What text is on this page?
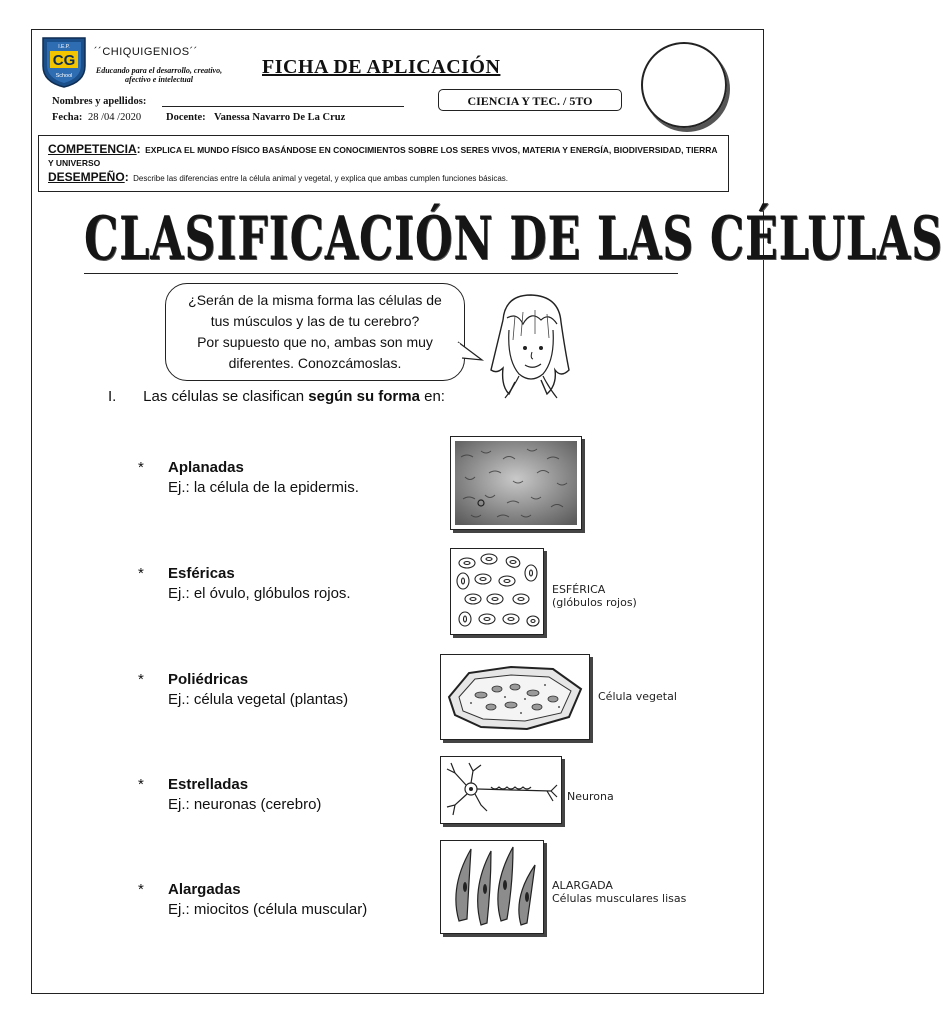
I.E.P.
CG
School
´´CHIQUIGENIOS´´
Educando para el desarrollo, creativo, afectivo e intelectual
FICHA DE APLICACIÓN
CIENCIA Y TEC. / 5TO
Nombres y apellidos:
Fecha: 28 /04 /2020 Docente: Vanessa Navarro De La Cruz
COMPETENCIA: EXPLICA EL MUNDO FÍSICO BASÁNDOSE EN CONOCIMIENTOS SOBRE LOS SERES VIVOS, MATERIA Y ENERGÍA, BIODIVERSIDAD, TIERRA Y UNIVERSO
DESEMPEÑO: Describe las diferencias entre la célula animal y vegetal, y explica que ambas cumplen funciones básicas.
CLASIFICACIÓN DE LAS CÉLULAS
¿Serán de la misma forma las células de
tus músculos y las de tu cerebro?
Por supuesto que no, ambas son muy
diferentes. Conozcámoslas.
I. Las células se clasifican según su forma en:
* Aplanadas
Ej.: la célula de la epidermis.
* Esféricas
Ej.: el óvulo, glóbulos rojos.	ESFÉRICA
(glóbulos rojos)
* Poliédricas
Ej.: célula vegetal (plantas)	Célula vegetal
* Estrelladas
Ej.: neuronas (cerebro)	Neurona
* Alargadas
Ej.: miocitos (célula muscular)
ALARGADA
Células musculares lisas
